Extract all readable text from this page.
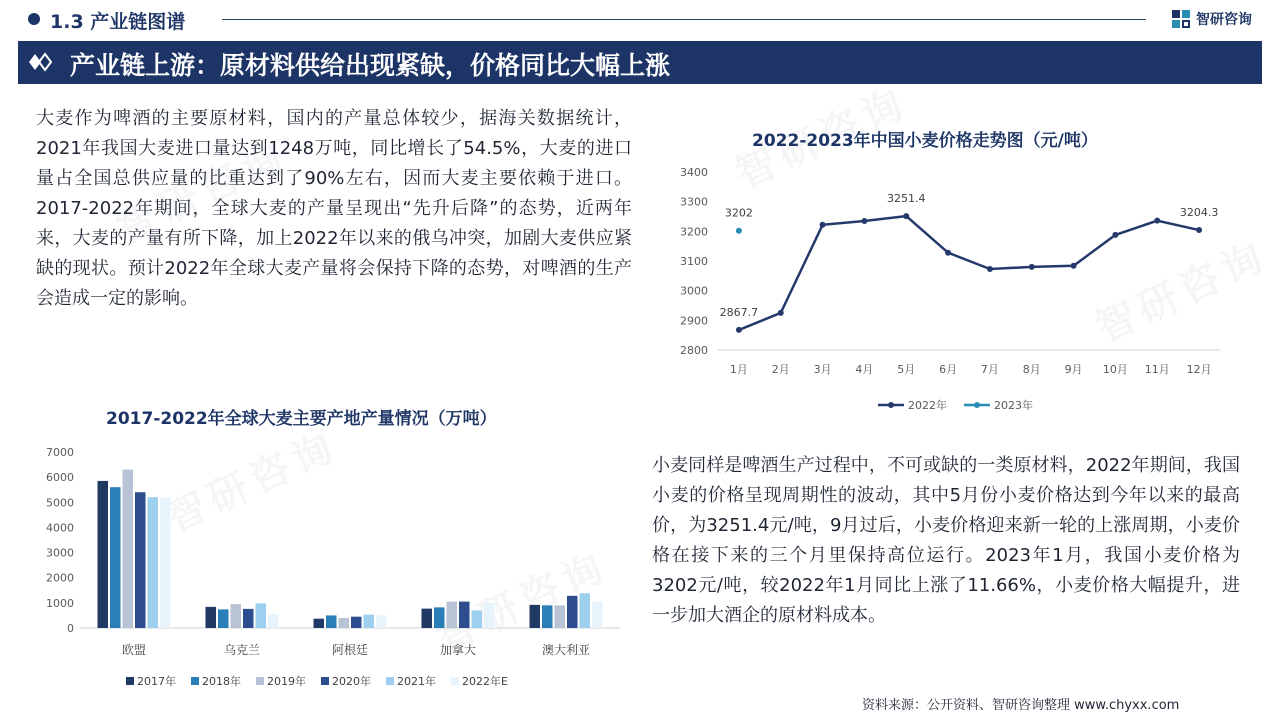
1.3 产业链图谱	智研咨询
产业链上游：原材料供给出现紧缺，价格同比大幅上涨

大麦作为啤酒的主要原材料，国内的产量总体较少，据海关数据统计，2021年我国大麦进口量达到1248万吨，同比增长了54.5%，大麦的进口量占全国总供应量的比重达到了90%左右，因而大麦主要依赖于进口。2017-2022年期间，全球大麦的产量呈现出“先升后降”的态势，近两年来，大麦的产量有所下降，加上2022年以来的俄乌冲突，加剧大麦供应紧缺的现状。预计2022年全球大麦产量将会保持下降的态势，对啤酒的生产会造成一定的影响。

2022-2023年中国小麦价格走势图（元/吨）
2800
2900
3000
3100
3200
3300
3400
1月 2月 3月 4月 5月 6月 7月 8月 9月 10月 11月 12月
2867.7
3251.4
3204.3
3202
2022年	2023年
2017-2022年全球大麦主要产地产量情况（万吨）
0
1000
2000
3000
4000
5000
6000
7000
欧盟	乌克兰	阿根廷	加拿大	澳大利亚
2017年 2018年 2019年 2020年 2021年 2022年E

小麦同样是啤酒生产过程中，不可或缺的一类原材料，2022年期间，我国小麦的价格呈现周期性的波动，其中5月份小麦价格达到今年以来的最高价，为3251.4元/吨，9月过后，小麦价格迎来新一轮的上涨周期，小麦价格在接下来的三个月里保持高位运行。2023年1月，我国小麦价格为3202元/吨，较2022年1月同比上涨了11.66%，小麦价格大幅提升，进一步加大酒企的原材料成本。

资料来源：公开资料、智研咨询整理 www.chyxx.com
